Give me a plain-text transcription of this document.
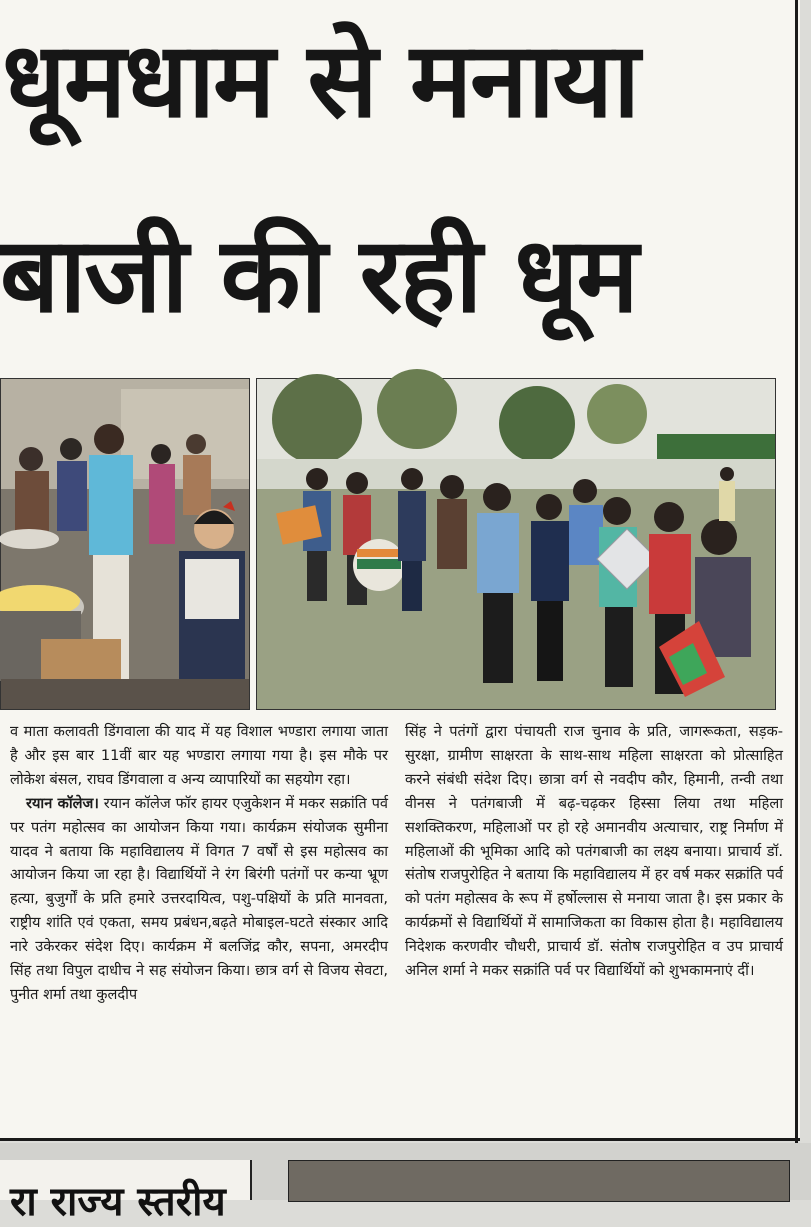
धूमधाम से मनाया
बाजी की रही धूम

व माता कलावती डिंगवाला की याद में यह विशाल भण्डारा लगाया जाता है और इस बार 11वीं बार यह भण्डारा लगाया गया है। इस मौके पर लोकेश बंसल, राघव डिंगवाला व अन्य व्यापारियों का सहयोग रहा।

रयान कॉलेज। रयान कॉलेज फॉर हायर एजुकेशन में मकर सक्रांति पर्व पर पतंग महोत्सव का आयोजन किया गया। कार्यक्रम संयोजक सुमीना यादव ने बताया कि महाविद्यालय में विगत 7 वर्षों से इस महोत्सव का आयोजन किया जा रहा है। विद्यार्थियों ने रंग बिरंगी पतंगों पर कन्या भ्रूण हत्या, बुजुर्गों के प्रति हमारे उत्तरदायित्व, पशु-पक्षियों के प्रति मानवता, राष्ट्रीय शांति एवं एकता, समय प्रबंधन,बढ़ते मोबाइल-घटते संस्कार आदि नारे उकेरकर संदेश दिए। कार्यक्रम में बलजिंद्र कौर, सपना, अमरदीप सिंह तथा विपुल दाधीच ने सह संयोजन किया। छात्र वर्ग से विजय सेवटा, पुनीत शर्मा तथा कुलदीप

सिंह ने पतंगों द्वारा पंचायती राज चुनाव के प्रति, जागरूकता, सड़क-सुरक्षा, ग्रामीण साक्षरता के साथ-साथ महिला साक्षरता को प्रोत्साहित करने संबंधी संदेश दिए। छात्रा वर्ग से नवदीप कौर, हिमानी, तन्वी तथा वीनस ने पतंगबाजी में बढ़-चढ़कर हिस्सा लिया तथा महिला सशक्तिकरण, महिलाओं पर हो रहे अमानवीय अत्याचार, राष्ट्र निर्माण में महिलाओं की भूमिका आदि को पतंगबाजी का लक्ष्य बनाया। प्राचार्य डॉ. संतोष राजपुरोहित ने बताया कि महाविद्यालय में हर वर्ष मकर सक्रांति पर्व को पतंग महोत्सव के रूप में हर्षोल्लास से मनाया जाता है। इस प्रकार के कार्यक्रमों से विद्यार्थियों में सामाजिकता का विकास होता है। महाविद्यालय निदेशक करणवीर चौधरी, प्राचार्य डॉ. संतोष राजपुरोहित व उप प्राचार्य अनिल शर्मा ने मकर सक्रांति पर्व पर विद्यार्थियों को शुभकामनाएं दीं।

रा राज्य स्तरीय
